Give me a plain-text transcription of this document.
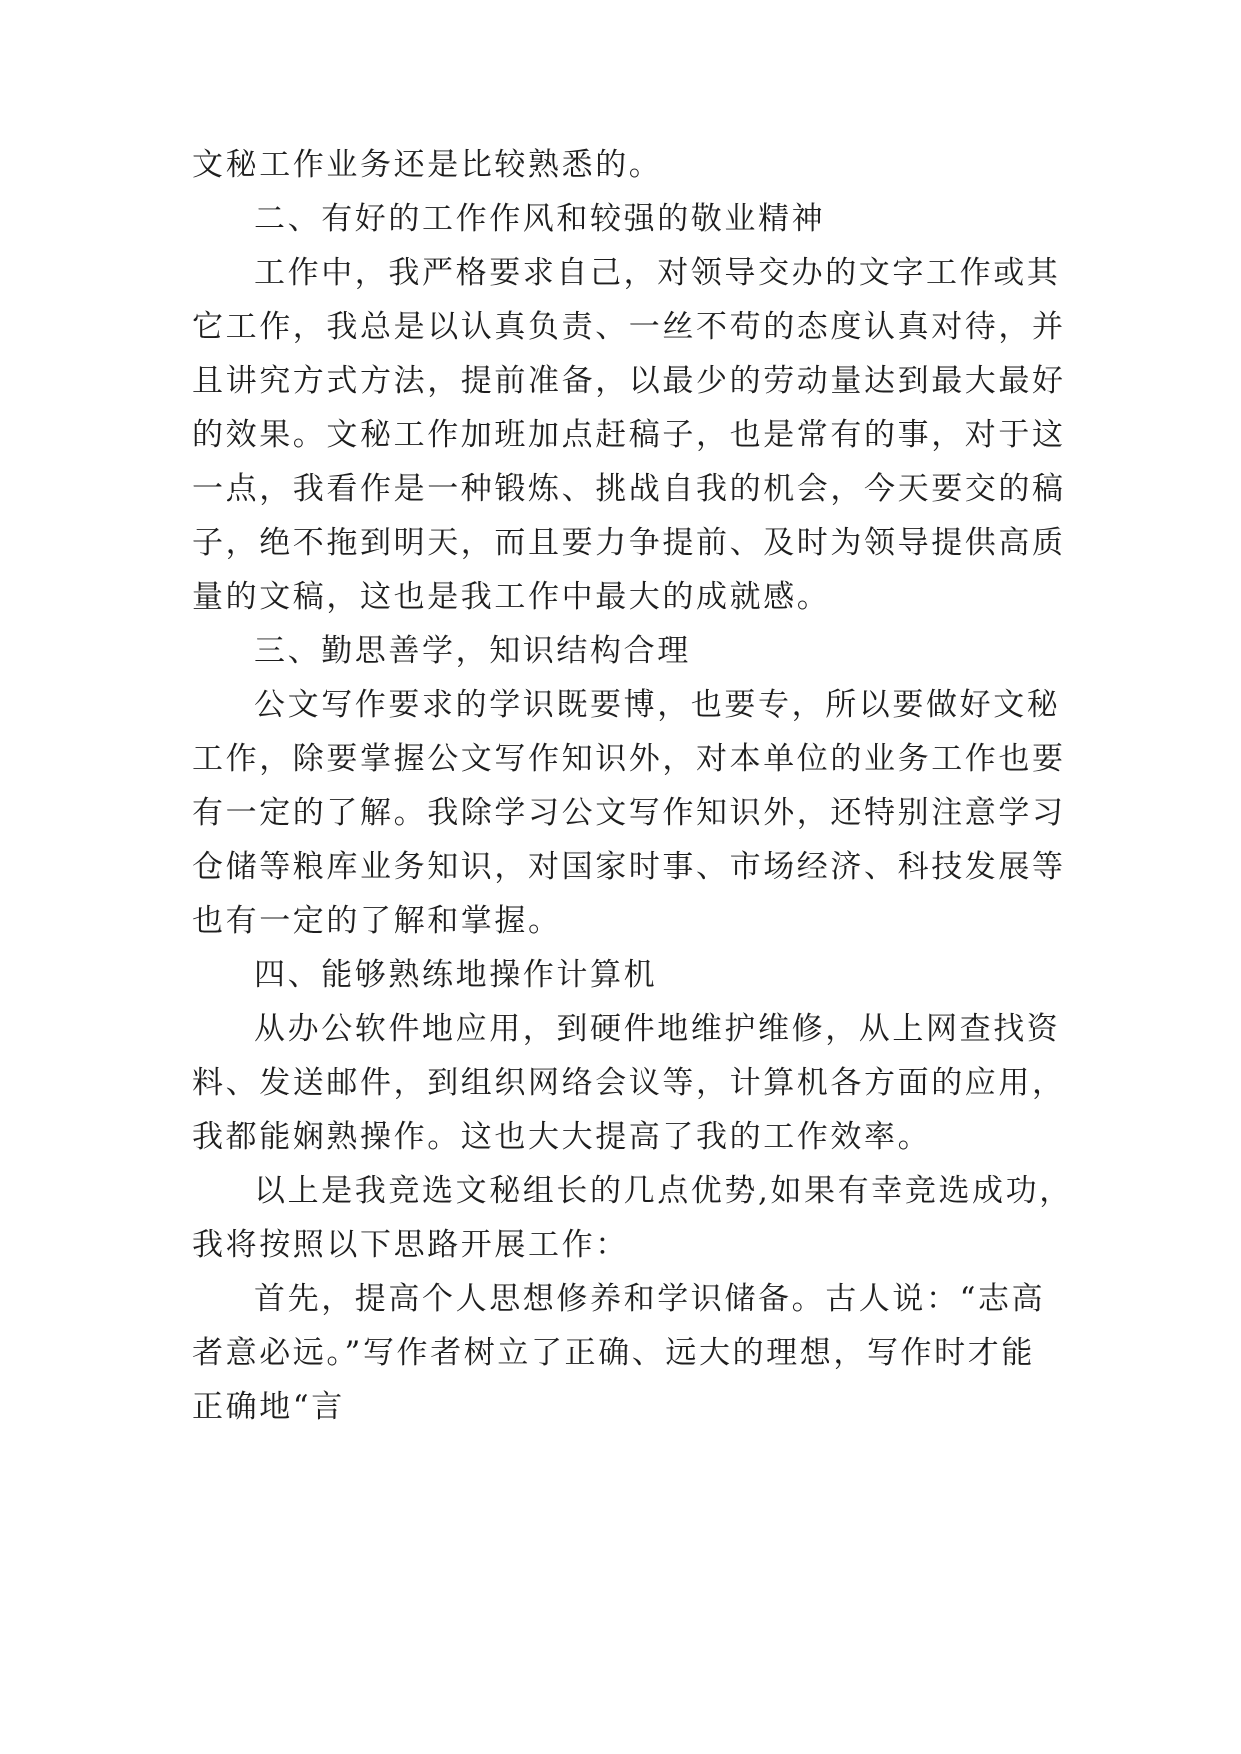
文秘工作业务还是比较熟悉的。
二、有好的工作作风和较强的敬业精神
工作中，我严格要求自己，对领导交办的文字工作或其
它工作，我总是以认真负责、一丝不苟的态度认真对待，并
且讲究方式方法，提前准备，以最少的劳动量达到最大最好
的效果。文秘工作加班加点赶稿子，也是常有的事，对于这
一点，我看作是一种锻炼、挑战自我的机会，今天要交的稿
子，绝不拖到明天，而且要力争提前、及时为领导提供高质
量的文稿，这也是我工作中最大的成就感。
三、勤思善学，知识结构合理
公文写作要求的学识既要博，也要专，所以要做好文秘
工作，除要掌握公文写作知识外，对本单位的业务工作也要
有一定的了解。我除学习公文写作知识外，还特别注意学习
仓储等粮库业务知识，对国家时事、市场经济、科技发展等
也有一定的了解和掌握。
四、能够熟练地操作计算机
从办公软件地应用，到硬件地维护维修，从上网查找资
料、发送邮件，到组织网络会议等，计算机各方面的应用，
我都能娴熟操作。这也大大提高了我的工作效率。
以上是我竞选文秘组长的几点优势,如果有幸竞选成功，
我将按照以下思路开展工作：
首先，提高个人思想修养和学识储备。古人说：“志高
者意必远。”写作者树立了正确、远大的理想，写作时才能
正确地“言
